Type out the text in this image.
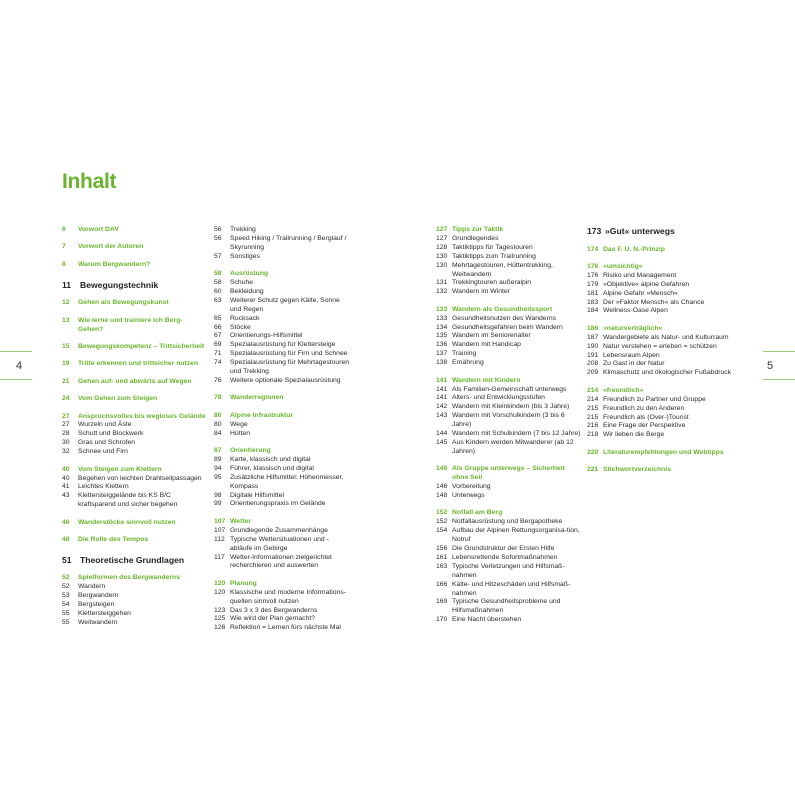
Inhalt
4	5
6	Vorwort DAV
7	Vorwort der Autoren
8	Warum Bergwandern?
11	Bewegungstechnik
12	Gehen als Bewegungskunst
13	Wie lerne und trainiere ich Berg-Gehen?
15	Bewegungskompetenz – Trittsicherheit
19	Tritte erkennen und trittsicher nutzen
21	Gehen auf- und abwärts auf Wegen
24	Vom Gehen zum Steigen
27	Anspruchsvolles bis wegloses Gelände
27	Wurzeln und Äste
28	Schutt und Blockwerk
30	Gras und Schrofen
32	Schnee und Firn
40	Vom Steigen zum Klettern
40	Begehen von leichten Drahtseilpassagen
41	Leichtes Klettern
43	Klettersteiggelände bis KS B/C kraftsparend und sicher begehen
46	Wanderstöcke sinnvoll nutzen
48	Die Rolle des Tempos
51 Theoretische Grundlagen
52	Spielformen des Bergwanderns
52	Wandern
53	Bergwandern
54	Bergsteigen
55	Klettersteiggehen
55	Weitwandern
56	Trekking
56	Speed Hiking / Trailrunning / Berglauf / Skyrunning
57	Sonstiges
58	Ausrüstung
58	Schuhe
60	Bekleidung
63	Weiterer Schutz gegen Kälte, Sonne und Regen
65	Rucksack
66	Stöcke
67	Orientierungs-Hilfsmittel
69	Spezialausrüstung für Klettersteige
71	Spezialausrüstung für Firn und Schnee
74	Spezialausrüstung für Mehrtagestouren und Trekking
76	Weitere optionale Spezialausrüstung
78	Wanderregionen
80	Alpine Infrastruktur
80	Wege
84	Hütten
87	Orientierung
89	Karte, klassisch und digital
94	Führer, klassisch und digital
95	Zusätzliche Hilfsmittel: Höhenmesser, Kompass
98	Digitale Hilfsmittel
99	Orientierungspraxis im Gelände
107 Wetter
107 Grundlegende Zusammenhänge
112 Typische Wettersituationen und -abläufe im Gebirge
117 Wetter-Informationen zielgerichtet recherchieren und auswerten
120 Planung
120 Klassische und moderne Informations-quellen sinnvoll nutzen
123 Das 3 x 3 des Bergwanderns
125 Wie wird der Plan gemacht?
126 Reflektion = Lernen fürs nächste Mal
127 Tipps zur Taktik
127 Grundlegendes
128 Taktiktipps für Tagestouren
130 Taktiktipps zum Trailrunning
130 Mehrtagestouren, Hüttentrekking, Weitwandern
131 Trekkingtouren außeralpin
132 Wandern im Winter
133 Wandern als Gesundheitssport
133 Gesundheitsnutzen des Wanderns
134 Gesundheitsgefahren beim Wandern
135 Wandern im Seniorenalter
136 Wandern mit Handicap
137 Training
138 Ernährung
141 Wandern mit Kindern
141 Als Familien-Gemeinschaft unterwegs
141 Alters- und Entwicklungsstufen
142 Wandern mit Kleinkindern (bis 3 Jahre)
143 Wandern mit Vorschulkindern (3 bis 6 Jahre)
144 Wandern mit Schulkindern (7 bis 12 Jahre)
145 Aus Kindern werden Mitwanderer (ab 12 Jahren)
146 Als Gruppe unterwegs – Sicherheit ohne Seil
146 Vorbereitung
148 Unterwegs
152 Notfall am Berg
152 Notfallausrüstung und Bergapotheke
154 Aufbau der Alpinen Rettungsorganisa-tion, Notruf
156 Die Grundstruktur der Ersten Hilfe
161 Lebensrettende Sofortmaßnahmen
163 Typische Verletzungen und Hilfsmaß-nahmen
166 Kälte- und Hitzeschäden und Hilfsmaß-nahmen
169 Typische Gesundheitsprobleme und Hilfsmaßnahmen
170 Eine Nacht überstehen
173 »Gut« unterwegs
174 Das F. U. N.-Prinzip
176 »umsichtig«
176 Risiko und Management
179 »Objektive« alpine Gefahren
181 Alpine Gefahr »Mensch«
183 Der »Faktor Mensch« als Chance
184 Wellness-Oase Alpen
186 »naturverträglich«
187 Wandergebiete als Natur- und Kulturraum
190 Natur verstehen = erleben = schützen
191 Lebensraum Alpen
208 Zu Gast in der Natur
209 Klimaschutz und ökologischer Fußabdruck
214 »freundlich«
214 Freundlich zu Partner und Gruppe
215 Freundlich zu den Anderen
215 Freundlich als (Over-)Tourist
216 Eine Frage der Perspektive
218 Wir lieben die Berge
220 Literaturempfehlungen und Webtipps
221 Stichwortverzeichnis
